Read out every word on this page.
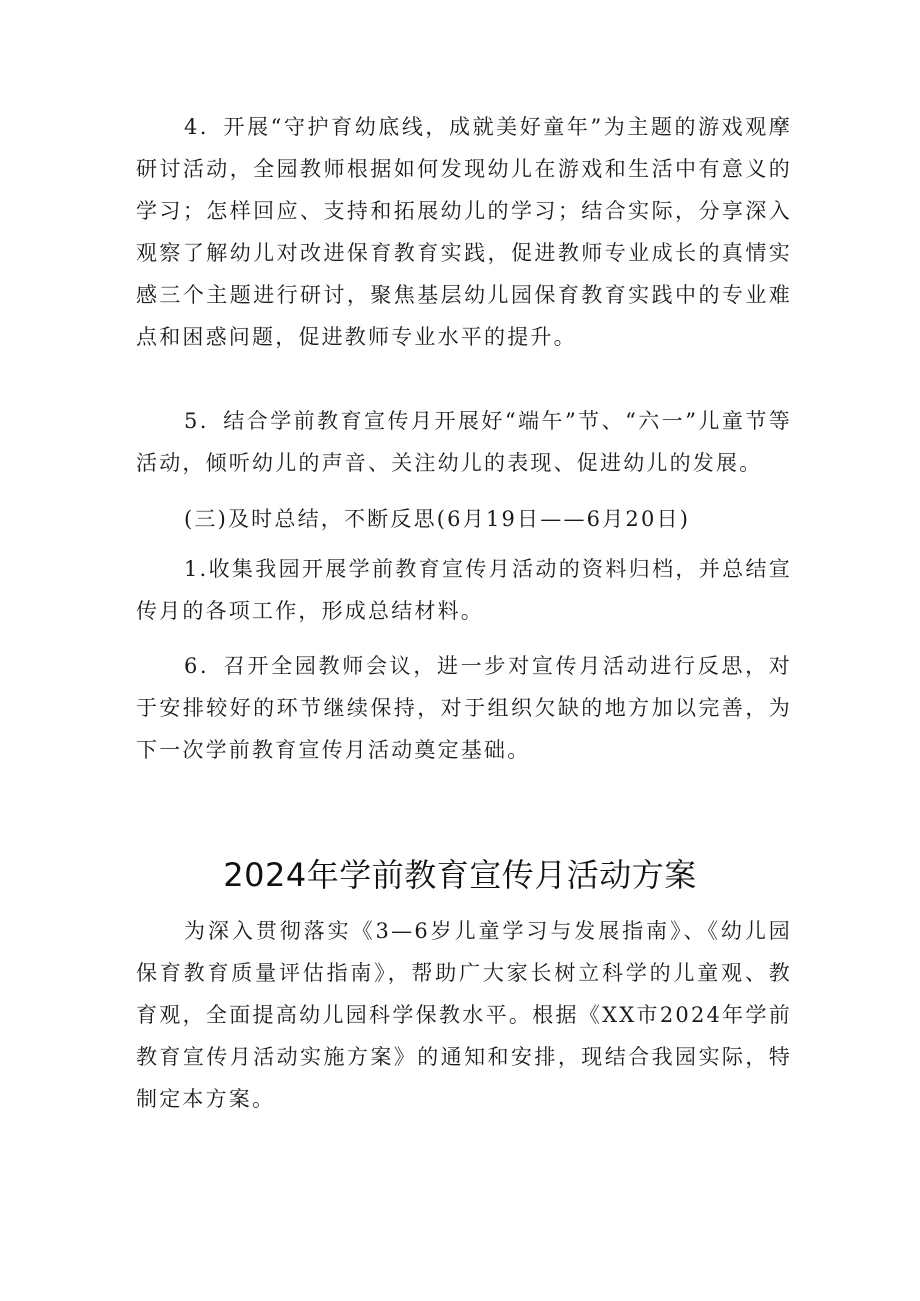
4．开展“守护育幼底线，成就美好童年”为主题的游戏观摩研讨活动，全园教师根据如何发现幼儿在游戏和生活中有意义的学习；怎样回应、支持和拓展幼儿的学习；结合实际，分享深入观察了解幼儿对改进保育教育实践，促进教师专业成长的真情实感三个主题进行研讨，聚焦基层幼儿园保育教育实践中的专业难点和困惑问题，促进教师专业水平的提升。

5．结合学前教育宣传月开展好“端午”节、“六一”儿童节等活动，倾听幼儿的声音、关注幼儿的表现、促进幼儿的发展。

(三)及时总结，不断反思(6月19日——6月20日)

1.收集我园开展学前教育宣传月活动的资料归档，并总结宣传月的各项工作，形成总结材料。

6．召开全园教师会议，进一步对宣传月活动进行反思，对于安排较好的环节继续保持，对于组织欠缺的地方加以完善，为下一次学前教育宣传月活动奠定基础。

2024年学前教育宣传月活动方案

为深入贯彻落实《3—6岁儿童学习与发展指南》、《幼儿园保育教育质量评估指南》，帮助广大家长树立科学的儿童观、教育观，全面提高幼儿园科学保教水平。根据《XX市2024年学前教育宣传月活动实施方案》的通知和安排，现结合我园实际，特制定本方案。
